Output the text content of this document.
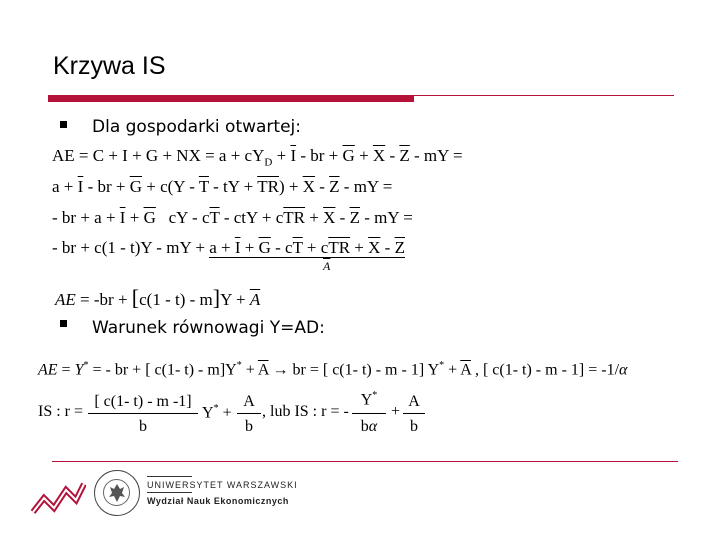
Krzywa IS
Dla gospodarki otwartej:
AE = C + I + G + NX = $a + cY_D + \overline{I}$ - br + $\overline{G} + \overline{X} - \overline{Z}$ - mY =
$a + \overline{I}$ - br + $\overline{G} + c(Y - \overline{T}$ - tY + $\overline{TR}) + \overline{X} - \overline{Z}$ - mY =
- br + $a + \overline{I} + \overline{G}$   cY - $c\overline{T}$ - ctY + $c\overline{TR} + \overline{X} - \overline{Z}$ - mY =
- br + c(1 - t)Y - mY + $a + \overline{I} + \overline{G} - c\overline{T} + c\overline{TR} + \overline{X} - \overline{Z}$
$\overline{A}$
AE = $-br + [c(1 - t) - m]Y + \overline{A}$
Warunek równowagi Y=AD:
AE = Y* = - br + [ c(1- $t) - m]Y^* + \overline{A}$ → br = [ c(1- t) - m - 1] $Y^* + \overline{A}$ , [ c(1- t) - m - 1] = -1/α
IS : r =
[ c(1- t) - m -1]
b
Y* +
A
b
, lub IS : r = -
Y*
bα
+
A
b
UNIWERSYTET WARSZAWSKI
Wydział Nauk Ekonomicznych
